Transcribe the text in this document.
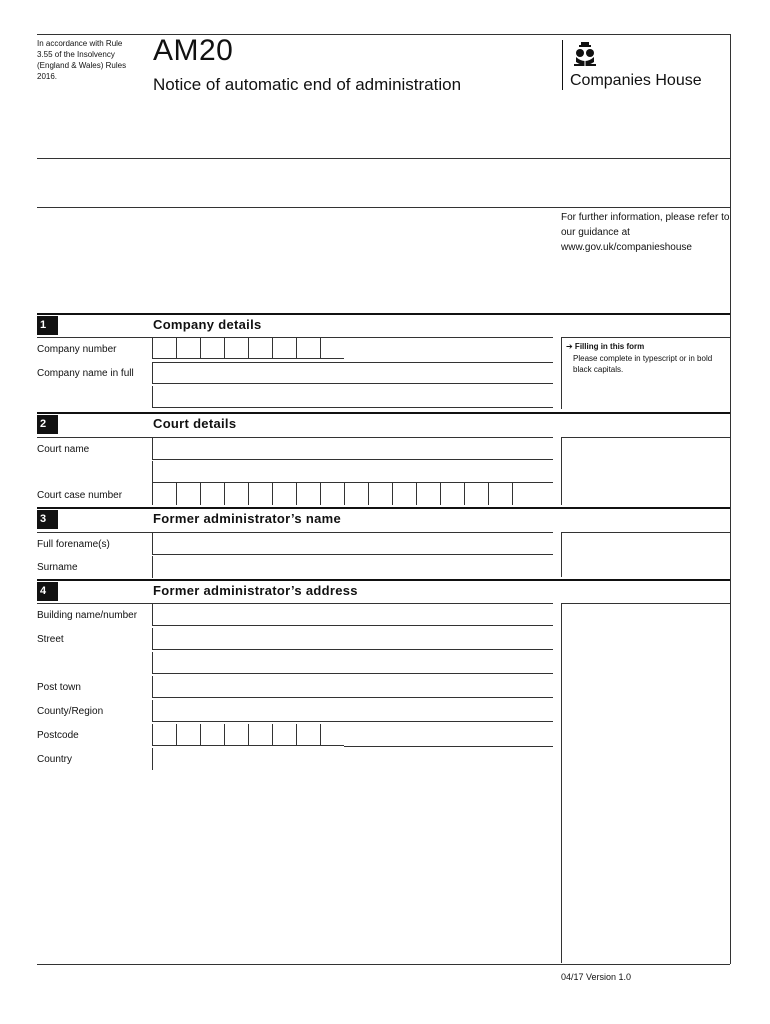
In accordance with Rule 3.55 of the Insolvency (England & Wales) Rules 2016.
AM20
Notice of automatic end of administration	Companies House
For further information, please refer to our guidance at www.gov.uk/companieshouse
1	Company details
Company number
Company name in full
➔ Filling in this form
Please complete in typescript or in bold black capitals.
2	Court details
Court name
Court case number
3	Former administrator’s name
Full forename(s)
Surname
4	Former administrator’s address
Building name/number
Street
Post town
County/Region
Postcode
Country
04/17 Version 1.0
